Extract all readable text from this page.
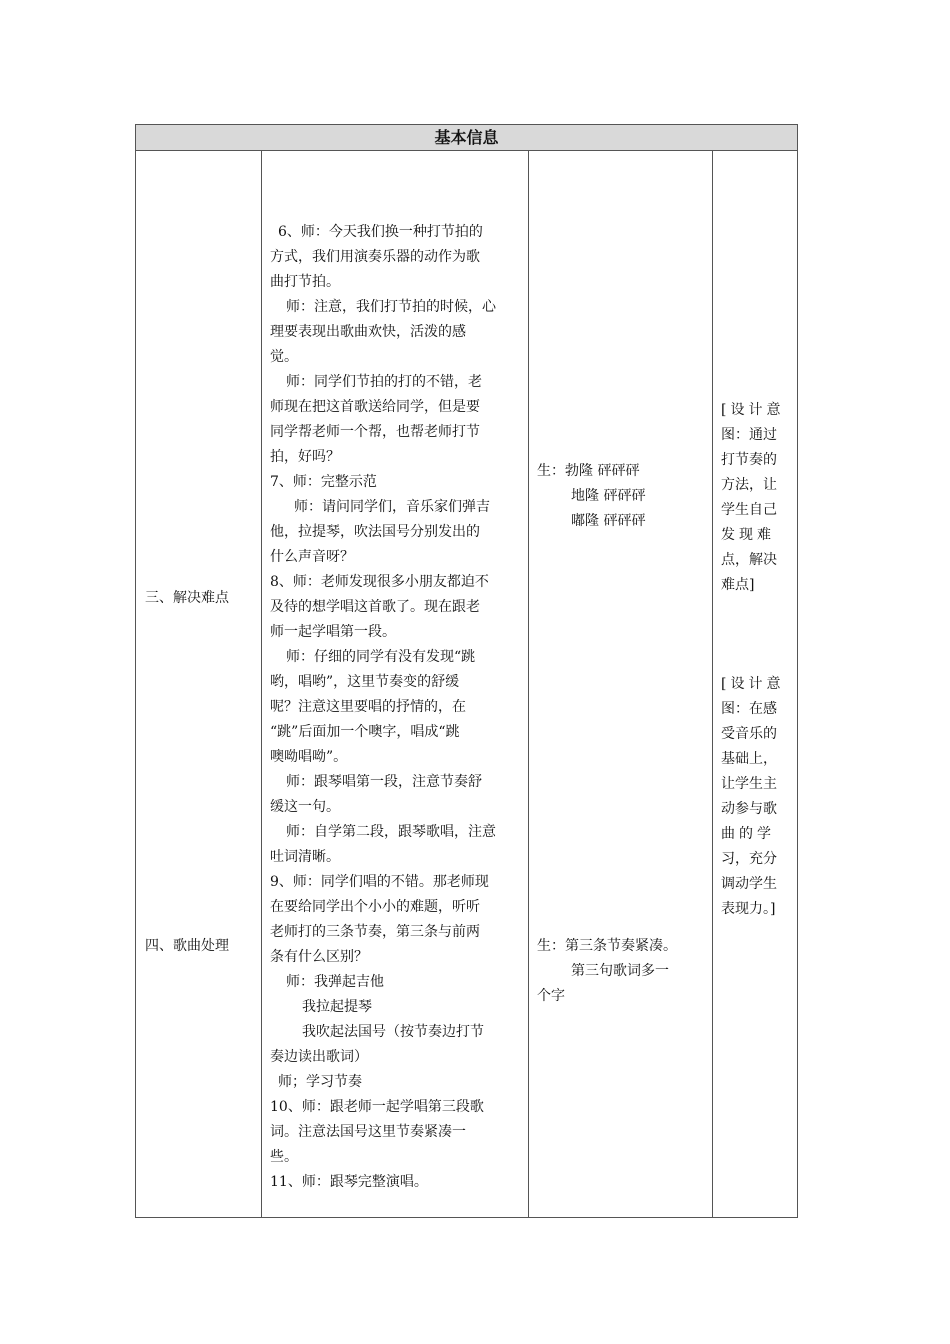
基本信息
三、解决难点
四、歌曲处理
6、师：今天我们换一种打节拍的
方式，我们用演奏乐器的动作为歌
曲打节拍。
师：注意，我们打节拍的时候，心
理要表现出歌曲欢快，活泼的感
觉。
师：同学们节拍的打的不错，老
师现在把这首歌送给同学，但是要
同学帮老师一个帮，也帮老师打节
拍，好吗？
7、师：完整示范
师：请问同学们，音乐家们弹吉
他，拉提琴，吹法国号分别发出的
什么声音呀？
8、师：老师发现很多小朋友都迫不
及待的想学唱这首歌了。现在跟老
师一起学唱第一段。
师：仔细的同学有没有发现“跳
哟，唱哟”，这里节奏变的舒缓
呢？注意这里要唱的抒情的，在
“跳”后面加一个噢字，唱成“跳
噢呦唱呦”。
师：跟琴唱第一段，注意节奏舒
缓这一句。
师：自学第二段，跟琴歌唱，注意
吐词清晰。
9、师：同学们唱的不错。那老师现
在要给同学出个小小的难题，听听
老师打的三条节奏，第三条与前两
条有什么区别？
师：我弹起吉他
我拉起提琴
我吹起法国号（按节奏边打节
奏边读出歌词）
师；学习节奏
10、师：跟老师一起学唱第三段歌
词。注意法国号这里节奏紧凑一
些。
11、师：跟琴完整演唱。
生：勃隆 砰砰砰
地隆 砰砰砰
嘟隆 砰砰砰
生：第三条节奏紧凑。
第三句歌词多一
个字
[设计意
图：通过
打节奏的
方法，让
学生自己
发现难
点，解决
难点]
[设计意
图：在感
受音乐的
基础上，
让学生主
动参与歌
曲的学
习，充分
调动学生
表现力。]
